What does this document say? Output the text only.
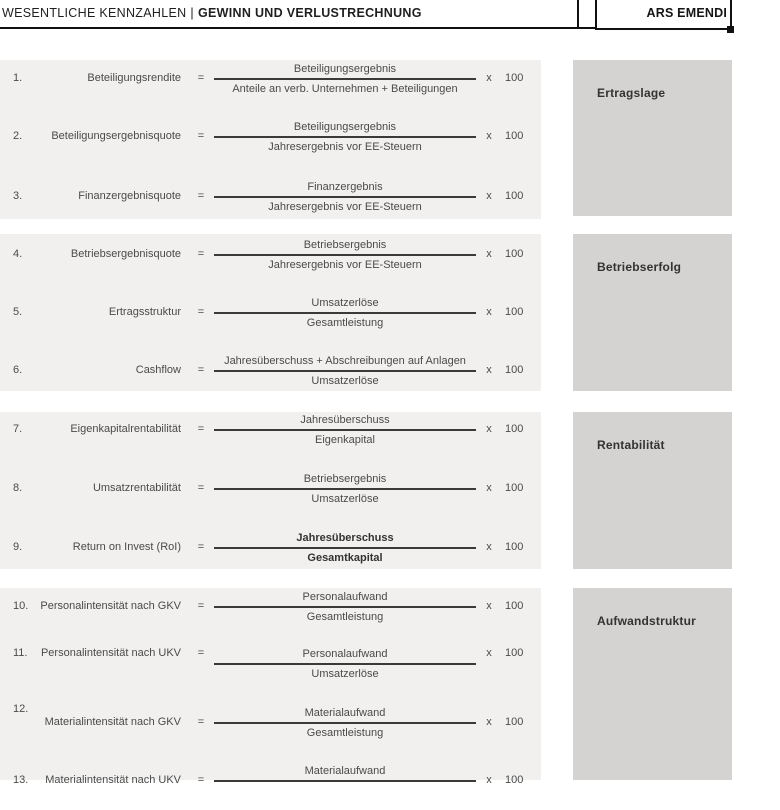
WESENTLICHE KENNZAHLEN | GEWINN UND VERLUSTRECHNUNG	ARS EMENDI
Ertragslage
Betriebserfolg
Rentabilität
Aufwandstruktur
1.	Beteiligungsrendite	=
Beteiligungsergebnis
Anteile an verb. Unternehmen + Beteiligungen
x	100
2.	Beteiligungsergebnisquote	=
Beteiligungsergebnis
Jahresergebnis vor EE-Steuern
x	100
3.	Finanzergebnisquote	=
Finanzergebnis
Jahresergebnis vor EE-Steuern
x	100
4.	Betriebsergebnisquote	=
Betriebsergebnis
Jahresergebnis vor EE-Steuern
x	100
5.	Ertragsstruktur	=
Umsatzerlöse
Gesamtleistung
x	100
6.	Cashflow	=
Jahresüberschuss + Abschreibungen auf Anlagen
Umsatzerlöse
x	100
7.	Eigenkapitalrentabilität	=
Jahresüberschuss
Eigenkapital
x	100
8.	Umsatzrentabilität	=
Betriebsergebnis
Umsatzerlöse
x	100
9.	Return on Invest (RoI)	=
Jahresüberschuss
Gesamtkapital
x	100
10.	Personalintensität nach GKV	=
Personalaufwand
Gesamtleistung
x	100
11.	Personalintensität nach UKV	=	Personalaufwand
Umsatzerlöse
x	100
12.
Materialintensität nach GKV	=
Materialaufwand
Gesamtleistung
x	100
13.	Materialintensität nach UKV	=
Materialaufwand
x	100
